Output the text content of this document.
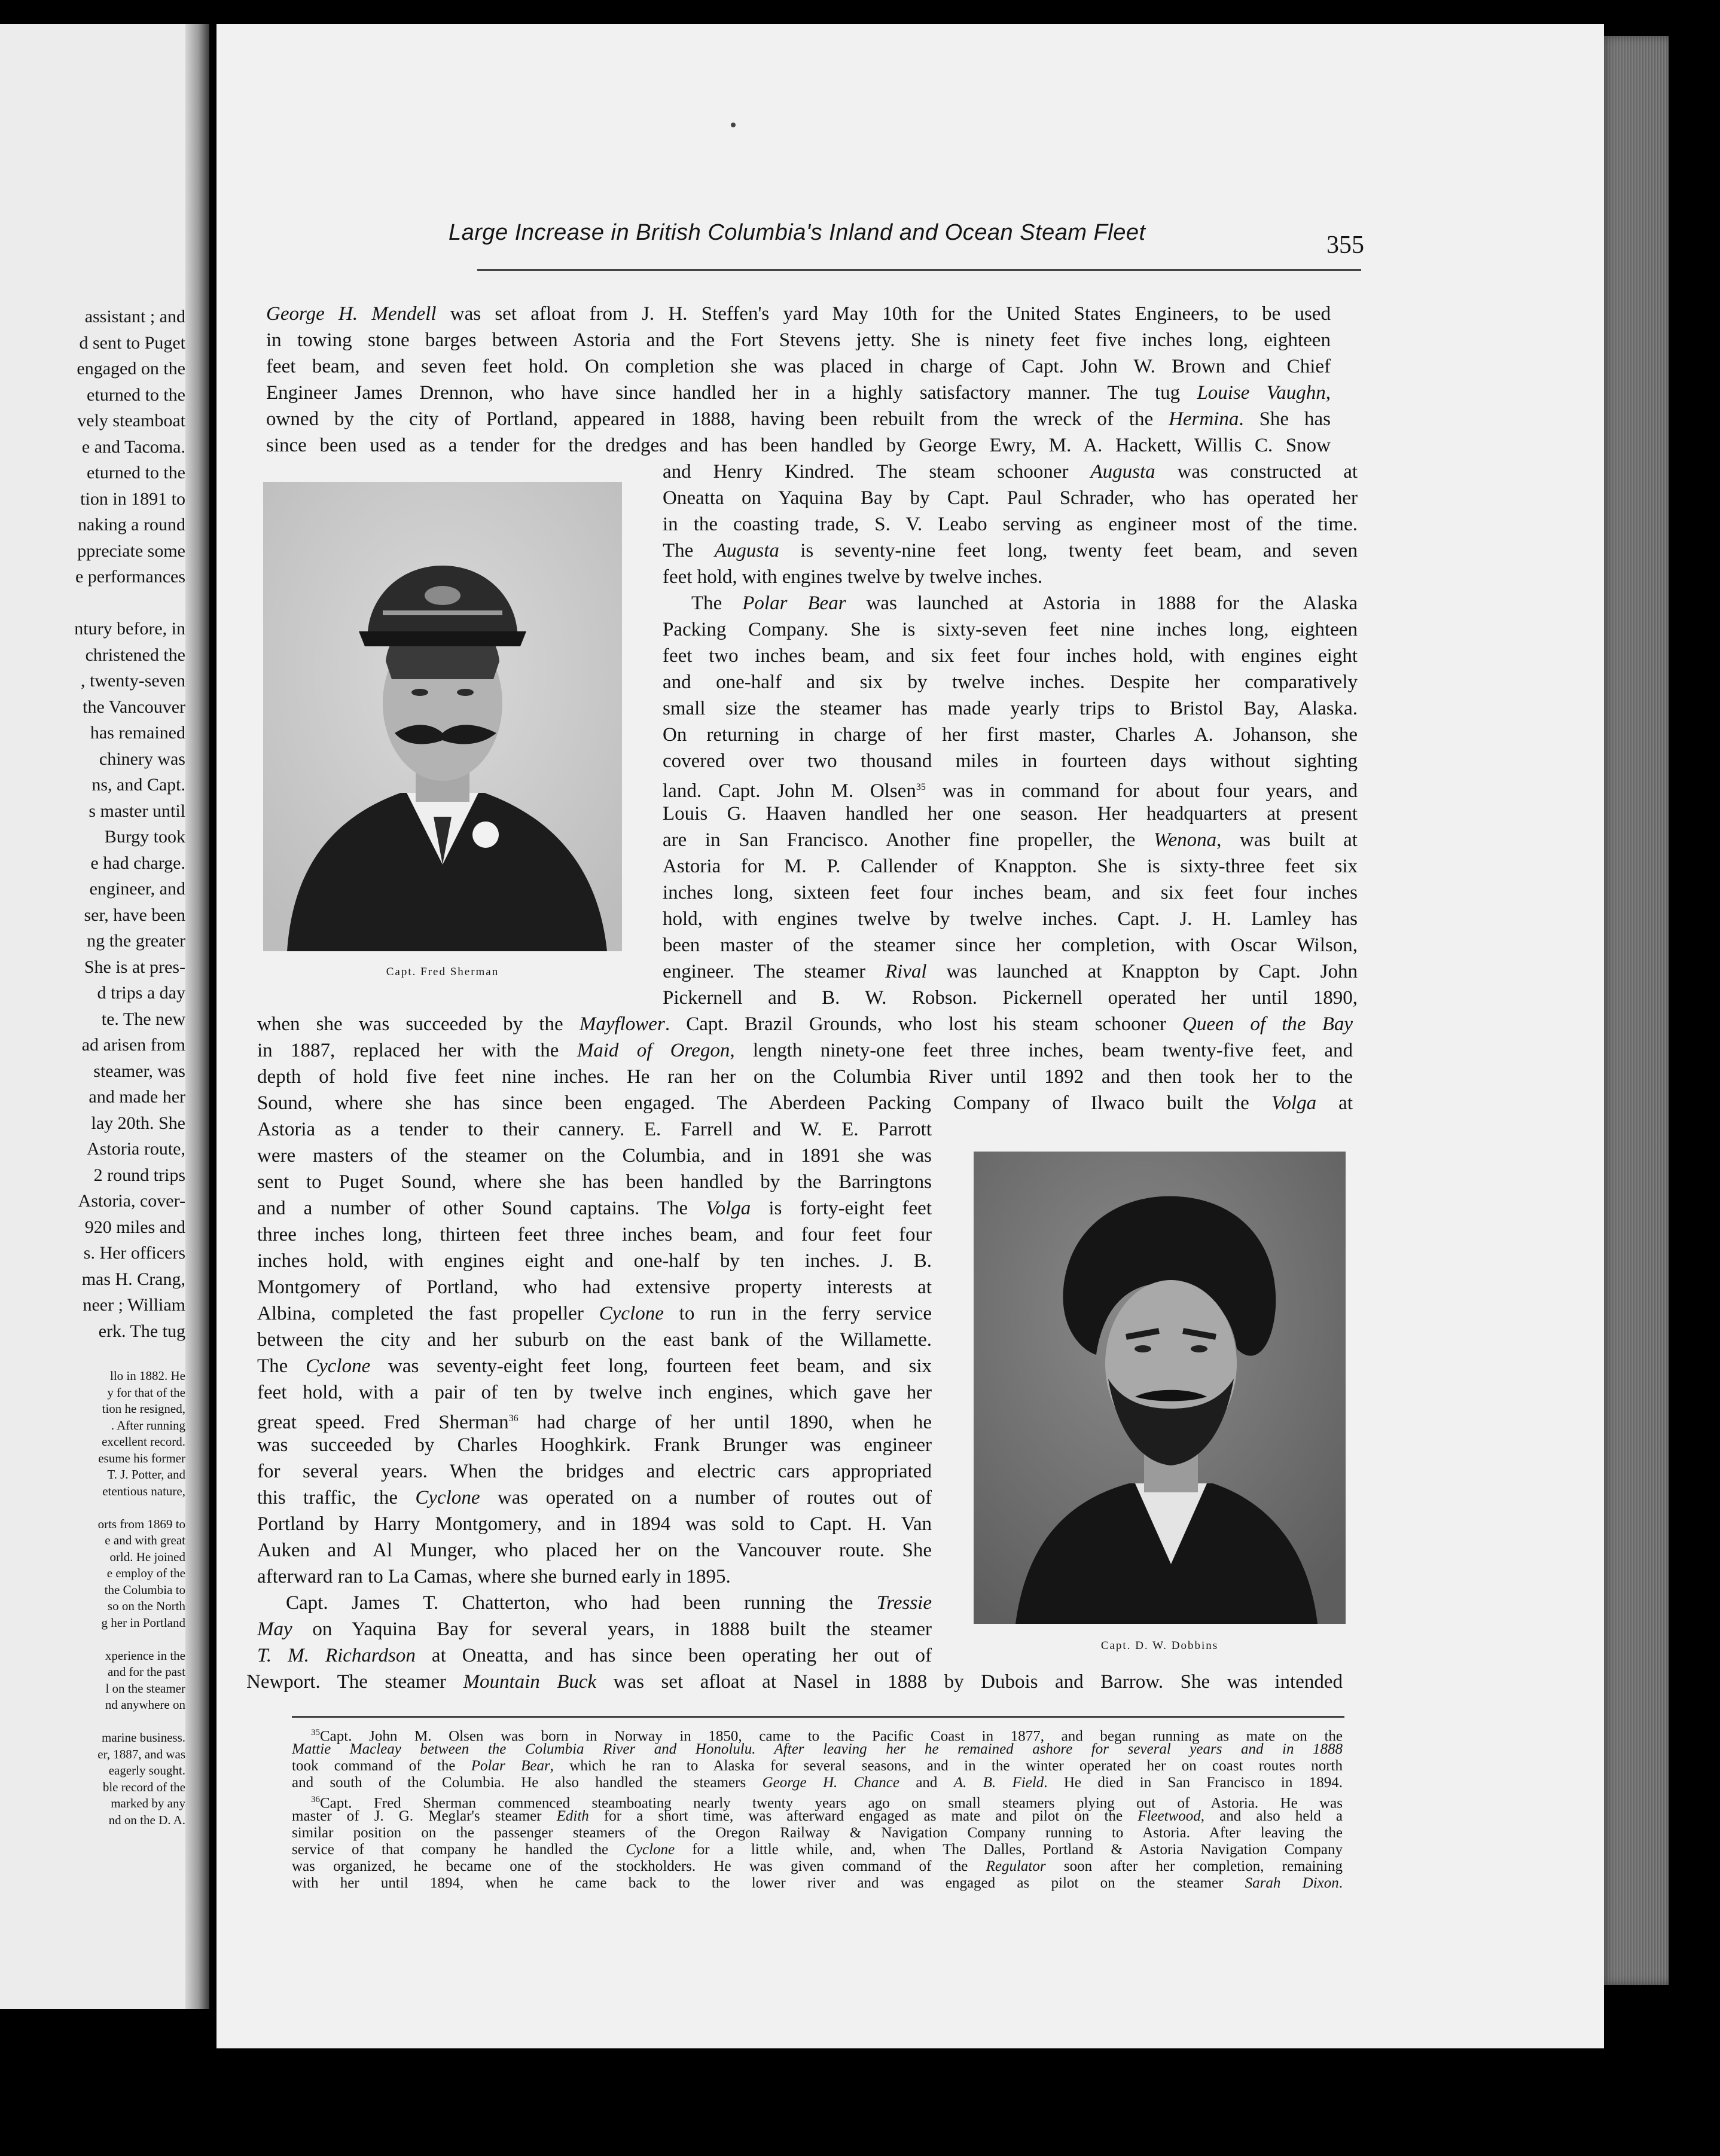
assistant ; and
d sent to Puget
engaged on the
eturned to the
vely steamboat
e and Tacoma.
eturned to the
tion in 1891 to
naking a round
ppreciate some
e performances
ntury before, in
christened the
, twenty-seven
the Vancouver
has remained
chinery was
ns, and Capt.
s master until
Burgy took
e had charge.
engineer, and
ser, have been
ng the greater
She is at pres-
d trips a day
te. The new
ad arisen from
steamer, was
and made her
lay 20th. She
Astoria route,
2 round trips
Astoria, cover-
920 miles and
s. Her officers
mas H. Crang,
neer ; William
erk. The tug
llo in 1882. He
y for that of the
tion he resigned,
. After running
excellent record.
esume his former
T. J. Potter, and
etentious nature,
orts from 1869 to
e and with great
orld. He joined
e employ of the
the Columbia to
so on the North
g her in Portland
xperience in the
and for the past
l on the steamer
nd anywhere on
marine business.
er, 1887, and was
eagerly sought.
ble record of the
marked by any
nd on the D. A.
Large Increase in British Columbia's Inland and Ocean Steam Fleet	355
Capt. Fred Sherman
Capt. D. W. Dobbins
George H. Mendell was set afloat from J. H. Steffen's yard May 10th for the United States Engineers, to be used
in towing stone barges between Astoria and the Fort Stevens jetty. She is ninety feet five inches long, eighteen
feet beam, and seven feet hold. On completion she was placed in charge of Capt. John W. Brown and Chief
Engineer James Drennon, who have since handled her in a highly satisfactory manner. The tug Louise Vaughn,
owned by the city of Portland, appeared in 1888, having been rebuilt from the wreck of the Hermina. She has
since been used as a tender for the dredges and has been handled by George Ewry, M. A. Hackett, Willis C. Snow
and Henry Kindred. The steam schooner Augusta was constructed at
Oneatta on Yaquina Bay by Capt. Paul Schrader, who has operated her
in the coasting trade, S. V. Leabo serving as engineer most of the time.
The Augusta is seventy-nine feet long, twenty feet beam, and seven
feet hold, with engines twelve by twelve inches.
The Polar Bear was launched at Astoria in 1888 for the Alaska
Packing Company. She is sixty-seven feet nine inches long, eighteen
feet two inches beam, and six feet four inches hold, with engines eight
and one-half and six by twelve inches. Despite her comparatively
small size the steamer has made yearly trips to Bristol Bay, Alaska.
On returning in charge of her first master, Charles A. Johanson, she
covered over two thousand miles in fourteen days without sighting
land. Capt. John M. Olsen$^{35}$ was in command for about four years, and
Louis G. Haaven handled her one season. Her headquarters at present
are in San Francisco. Another fine propeller, the Wenona, was built at
Astoria for M. P. Callender of Knappton. She is sixty-three feet six
inches long, sixteen feet four inches beam, and six feet four inches
hold, with engines twelve by twelve inches. Capt. J. H. Lamley has
been master of the steamer since her completion, with Oscar Wilson,
engineer. The steamer Rival was launched at Knappton by Capt. John
Pickernell and B. W. Robson. Pickernell operated her until 1890,
when she was succeeded by the Mayflower. Capt. Brazil Grounds, who lost his steam schooner Queen of the Bay
in 1887, replaced her with the Maid of Oregon, length ninety-one feet three inches, beam twenty-five feet, and
depth of hold five feet nine inches. He ran her on the Columbia River until 1892 and then took her to the
Sound, where she has since been engaged. The Aberdeen Packing Company of Ilwaco built the Volga at
Astoria as a tender to their cannery. E. Farrell and W. E. Parrott
were masters of the steamer on the Columbia, and in 1891 she was
sent to Puget Sound, where she has been handled by the Barringtons
and a number of other Sound captains. The Volga is forty-eight feet
three inches long, thirteen feet three inches beam, and four feet four
inches hold, with engines eight and one-half by ten inches. J. B.
Montgomery of Portland, who had extensive property interests at
Albina, completed the fast propeller Cyclone to run in the ferry service
between the city and her suburb on the east bank of the Willamette.
The Cyclone was seventy-eight feet long, fourteen feet beam, and six
feet hold, with a pair of ten by twelve inch engines, which gave her
great speed. Fred Sherman$^{36}$ had charge of her until 1890, when he
was succeeded by Charles Hooghkirk. Frank Brunger was engineer
for several years. When the bridges and electric cars appropriated
this traffic, the Cyclone was operated on a number of routes out of
Portland by Harry Montgomery, and in 1894 was sold to Capt. H. Van
Auken and Al Munger, who placed her on the Vancouver route. She
afterward ran to La Camas, where she burned early in 1895.
Capt. James T. Chatterton, who had been running the Tressie
May on Yaquina Bay for several years, in 1888 built the steamer
T. M. Richardson at Oneatta, and has since been operating her out of
Newport. The steamer Mountain Buck was set afloat at Nasel in 1888 by Dubois and Barrow. She was intended
$^{35}$Capt. John M. Olsen was born in Norway in 1850, came to the Pacific Coast in 1877, and began running as mate on the
Mattie Macleay between the Columbia River and Honolulu. After leaving her he remained ashore for several years and in 1888
took command of the Polar Bear, which he ran to Alaska for several seasons, and in the winter operated her on coast routes north
and south of the Columbia. He also handled the steamers George H. Chance and A. B. Field. He died in San Francisco in 1894.
$^{36}$Capt. Fred Sherman commenced steamboating nearly twenty years ago on small steamers plying out of Astoria. He was
master of J. G. Meglar's steamer Edith for a short time, was afterward engaged as mate and pilot on the Fleetwood, and also held a
similar position on the passenger steamers of the Oregon Railway & Navigation Company running to Astoria. After leaving the
service of that company he handled the Cyclone for a little while, and, when The Dalles, Portland & Astoria Navigation Company
was organized, he became one of the stockholders. He was given command of the Regulator soon after her completion, remaining
with her until 1894, when he came back to the lower river and was engaged as pilot on the steamer Sarah Dixon.
